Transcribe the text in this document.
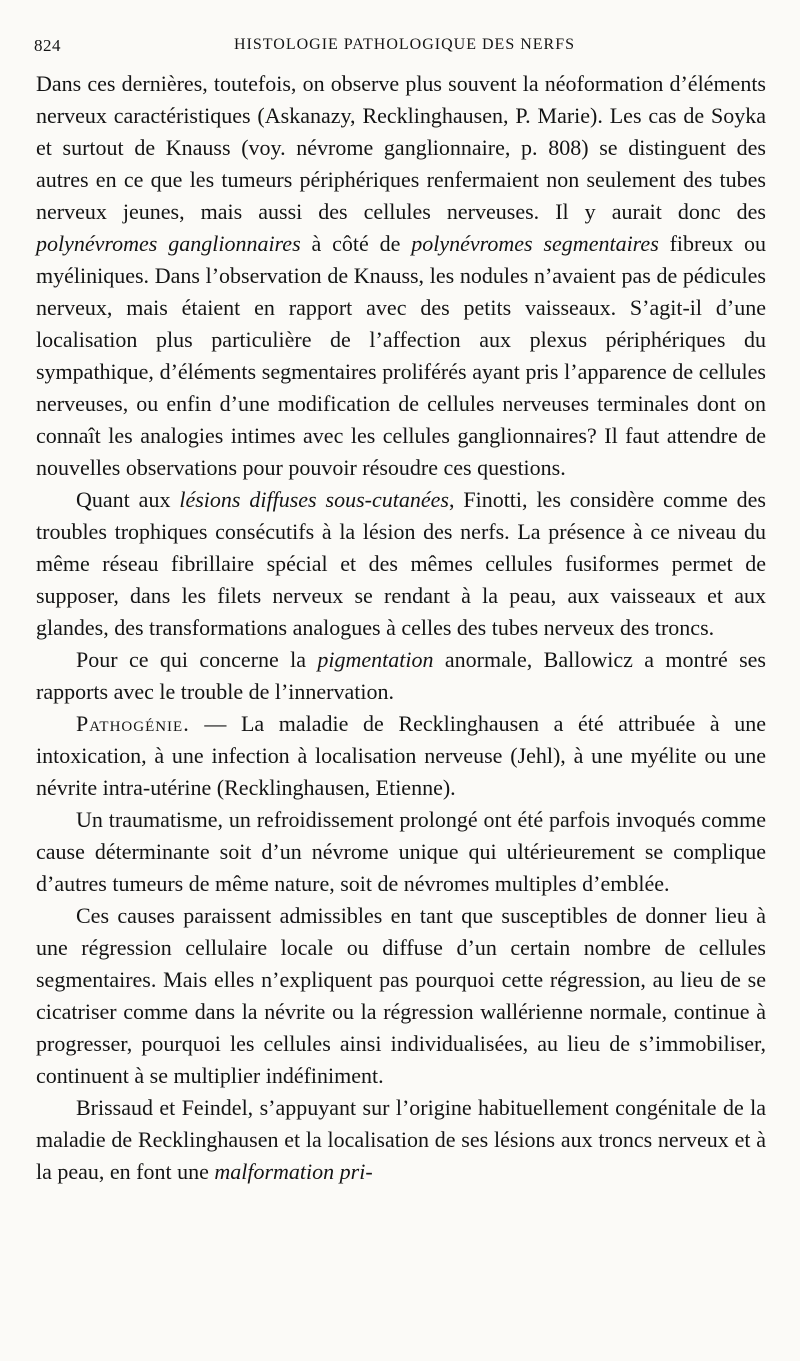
824	HISTOLOGIE PATHOLOGIQUE DES NERFS

Dans ces dernières, toutefois, on observe plus souvent la néoformation d’éléments nerveux caractéristiques (Askanazy, Recklinghausen, P. Marie). Les cas de Soyka et surtout de Knauss (voy. névrome ganglionnaire, p. 808) se distinguent des autres en ce que les tumeurs périphériques renfermaient non seulement des tubes nerveux jeunes, mais aussi des cellules nerveuses. Il y aurait donc des polynévromes ganglionnaires à côté de polynévromes segmentaires fibreux ou myéliniques. Dans l’observation de Knauss, les nodules n’avaient pas de pédicules nerveux, mais étaient en rapport avec des petits vaisseaux. S’agit-il d’une localisation plus particulière de l’affection aux plexus périphériques du sympathique, d’éléments segmentaires proliférés ayant pris l’apparence de cellules nerveuses, ou enfin d’une modification de cellules nerveuses terminales dont on connaît les analogies intimes avec les cellules ganglionnaires? Il faut attendre de nouvelles observations pour pouvoir résoudre ces questions.

Quant aux lésions diffuses sous-cutanées, Finotti, les considère comme des troubles trophiques consécutifs à la lésion des nerfs. La présence à ce niveau du même réseau fibrillaire spécial et des mêmes cellules fusiformes permet de supposer, dans les filets nerveux se rendant à la peau, aux vaisseaux et aux glandes, des transformations analogues à celles des tubes nerveux des troncs.

Pour ce qui concerne la pigmentation anormale, Ballowicz a montré ses rapports avec le trouble de l’innervation.

Pathogénie. — La maladie de Recklinghausen a été attribuée à une intoxication, à une infection à localisation nerveuse (Jehl), à une myélite ou une névrite intra-utérine (Recklinghausen, Etienne).

Un traumatisme, un refroidissement prolongé ont été parfois invoqués comme cause déterminante soit d’un névrome unique qui ultérieurement se complique d’autres tumeurs de même nature, soit de névromes multiples d’emblée.

Ces causes paraissent admissibles en tant que susceptibles de donner lieu à une régression cellulaire locale ou diffuse d’un certain nombre de cellules segmentaires. Mais elles n’expliquent pas pourquoi cette régression, au lieu de se cicatriser comme dans la névrite ou la régression wallérienne normale, continue à progresser, pourquoi les cellules ainsi individualisées, au lieu de s’immobiliser, continuent à se multiplier indéfiniment.

Brissaud et Feindel, s’appuyant sur l’origine habituellement congénitale de la maladie de Recklinghausen et la localisation de ses lésions aux troncs nerveux et à la peau, en font une malformation pri-
